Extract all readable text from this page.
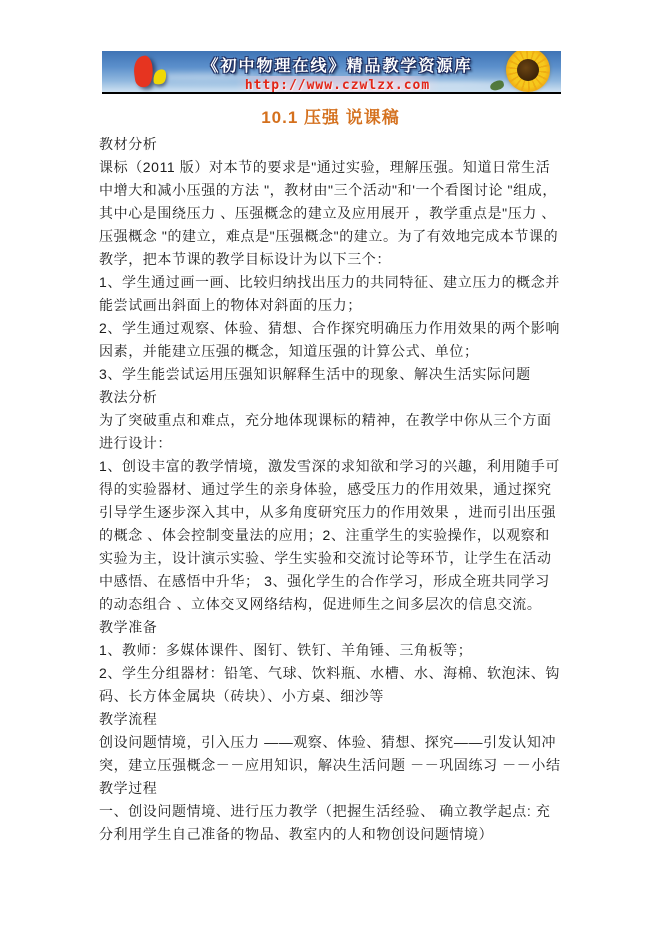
《初中物理在线》精品教学资源库
http://www.czwlzx.com
10.1 压强 说课稿

教材分析

课标（2011 版）对本节的要求是"通过实验，理解压强。知道日常生活中增大和减小压强的方法 "，教材由"三个活动"和'一个看图讨论 "组成，其中心是围绕压力 、压强概念的建立及应用展开 ，教学重点是"压力 、压强概念 "的建立，难点是"压强概念"的建立。为了有效地完成本节课的教学，把本节课的教学目标设计为以下三个：

1、学生通过画一画、比较归纳找出压力的共同特征、建立压力的概念并能尝试画出斜面上的物体对斜面的压力；

2、学生通过观察、体验、猜想、合作探究明确压力作用效果的两个影响因素，并能建立压强的概念，知道压强的计算公式、单位；

3、学生能尝试运用压强知识解释生活中的现象、解决生活实际问题

教法分析

为了突破重点和难点，充分地体现课标的精神，在教学中你从三个方面进行设计：

1、创设丰富的教学情境，激发雪深的求知欲和学习的兴趣，利用随手可得的实验器材、通过学生的亲身体验，感受压力的作用效果，通过探究引导学生逐步深入其中，从多角度研究压力的作用效果 ，进而引出压强的概念 、体会控制变量法的应用；2、注重学生的实验操作，以观察和实验为主，设计演示实验、学生实验和交流讨论等环节，让学生在活动中感悟、在感悟中升华； 3、强化学生的合作学习，形成全班共同学习的动态组合 、立体交叉网络结构，促进师生之间多层次的信息交流。

教学准备

1、教师：多媒体课件、图钉、铁钉、羊角锤、三角板等；

2、学生分组器材：铅笔、气球、饮料瓶、水槽、水、海棉、软泡沫、钩码、长方体金属块（砖块）、小方桌、细沙等

教学流程

创设问题情境，引入压力 ——观察、体验、猜想、探究——引发认知冲突，建立压强概念－－应用知识，解决生活问题 －－巩固练习 －－小结

教学过程

一、创设问题情境、进行压力教学（把握生活经验、 确立教学起点: 充分利用学生自己准备的物品、教室内的人和物创设问题情境）
